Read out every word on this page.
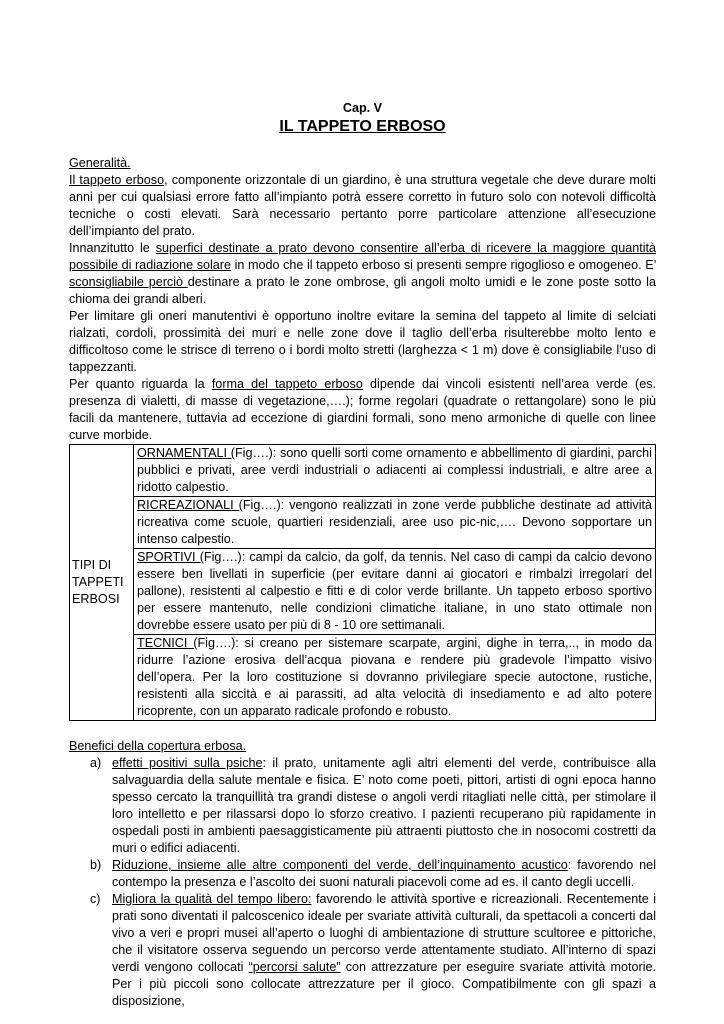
Cap. V
IL TAPPETO ERBOSO

Generalità.

Il tappeto erboso, componente orizzontale di un giardino, è una struttura vegetale che deve durare molti anni per cui qualsiasi errore fatto all’impianto potrà essere corretto in futuro solo con notevoli difficoltà tecniche o costi elevati. Sarà necessario pertanto porre particolare attenzione all’esecuzione dell’impianto del prato.

Innanzitutto le superfici destinate a prato devono consentire all’erba di ricevere la maggiore quantità possibile di radiazione solare in modo che il tappeto erboso si presenti sempre rigoglioso e omogeneo. E’ sconsigliabile perciò destinare a prato le zone ombrose, gli angoli molto umidi e le zone poste sotto la chioma dei grandi alberi.

Per limitare gli oneri manutentivi è opportuno inoltre evitare la semina del tappeto al limite di selciati rialzati, cordoli, prossimità dei muri e nelle zone dove il taglio dell’erba risulterebbe molto lento e difficoltoso come le strisce di terreno o i bordi molto stretti (larghezza < 1 m) dove è consigliabile l’uso di tappezzanti.

Per quanto riguarda la forma del tappeto erboso dipende dai vincoli esistenti nell’area verde (es. presenza di vialetti, di masse di vegetazione,….); forme regolari (quadrate o rettangolare) sono le più facili da mantenere, tuttavia ad eccezione di giardini formali, sono meno armoniche di quelle con linee curve morbide.

TIPI DI TAPPETI ERBOSI	ORNAMENTALI (Fig….): sono quelli sorti come ornamento e abbellimento di giardini, parchi pubblici e privati, aree verdi industriali o adiacenti ai complessi industriali, e altre aree a ridotto calpestio.
RICREAZIONALI (Fig….): vengono realizzati in zone verde pubbliche destinate ad attività ricreativa come scuole, quartieri residenziali, aree uso pic-nic,…. Devono sopportare un intenso calpestio.
SPORTIVI (Fig….): campi da calcio, da golf, da tennis. Nel caso di campi da calcio devono essere ben livellati in superficie (per evitare danni ai giocatori e rimbalzi irregolari del pallone), resistenti al calpestio e fitti e di color verde brillante. Un tappeto erboso sportivo per essere mantenuto, nelle condizioni climatiche italiane, in uno stato ottimale non dovrebbe essere usato per più di 8 - 10 ore settimanali.
TECNICI (Fig….): si creano per sistemare scarpate, argini, dighe in terra,.., in modo da ridurre l’azione erosiva dell’acqua piovana e rendere più gradevole l’impatto visivo dell’opera. Per la loro costituzione si dovranno privilegiare specie autoctone, rustiche, resistenti alla siccità e ai parassiti, ad alta velocità di insediamento e ad alto potere ricoprente, con un apparato radicale profondo e robusto.

Benefici della copertura erbosa.

a) effetti positivi sulla psiche: il prato, unitamente agli altri elementi del verde, contribuisce alla salvaguardia della salute mentale e fisica. E’ noto come poeti, pittori, artisti di ogni epoca hanno spesso cercato la tranquillità tra grandi distese o angoli verdi ritagliati nelle città, per stimolare il loro intelletto e per rilassarsi dopo lo sforzo creativo. I pazienti recuperano più rapidamente in ospedali posti in ambienti paesaggisticamente più attraenti piuttosto che in nosocomi costretti da muri o edifici adiacenti.
b) Riduzione, insieme alle altre componenti del verde, dell’inquinamento acustico: favorendo nel contempo la presenza e l’ascolto dei suoni naturali piacevoli come ad es. il canto degli uccelli.
c) Migliora la qualità del tempo libero: favorendo le attività sportive e ricreazionali. Recentemente i prati sono diventati il palcoscenico ideale per svariate attività culturali, da spettacoli a concerti dal vivo a veri e propri musei all’aperto o luoghi di ambientazione di strutture scultoree e pittoriche, che il visitatore osserva seguendo un percorso verde attentamente studiato. All’interno di spazi verdi vengono collocati “percorsi salute” con attrezzature per eseguire svariate attività motorie. Per i più piccoli sono collocate attrezzature per il gioco. Compatibilmente con gli spazi a disposizione,
